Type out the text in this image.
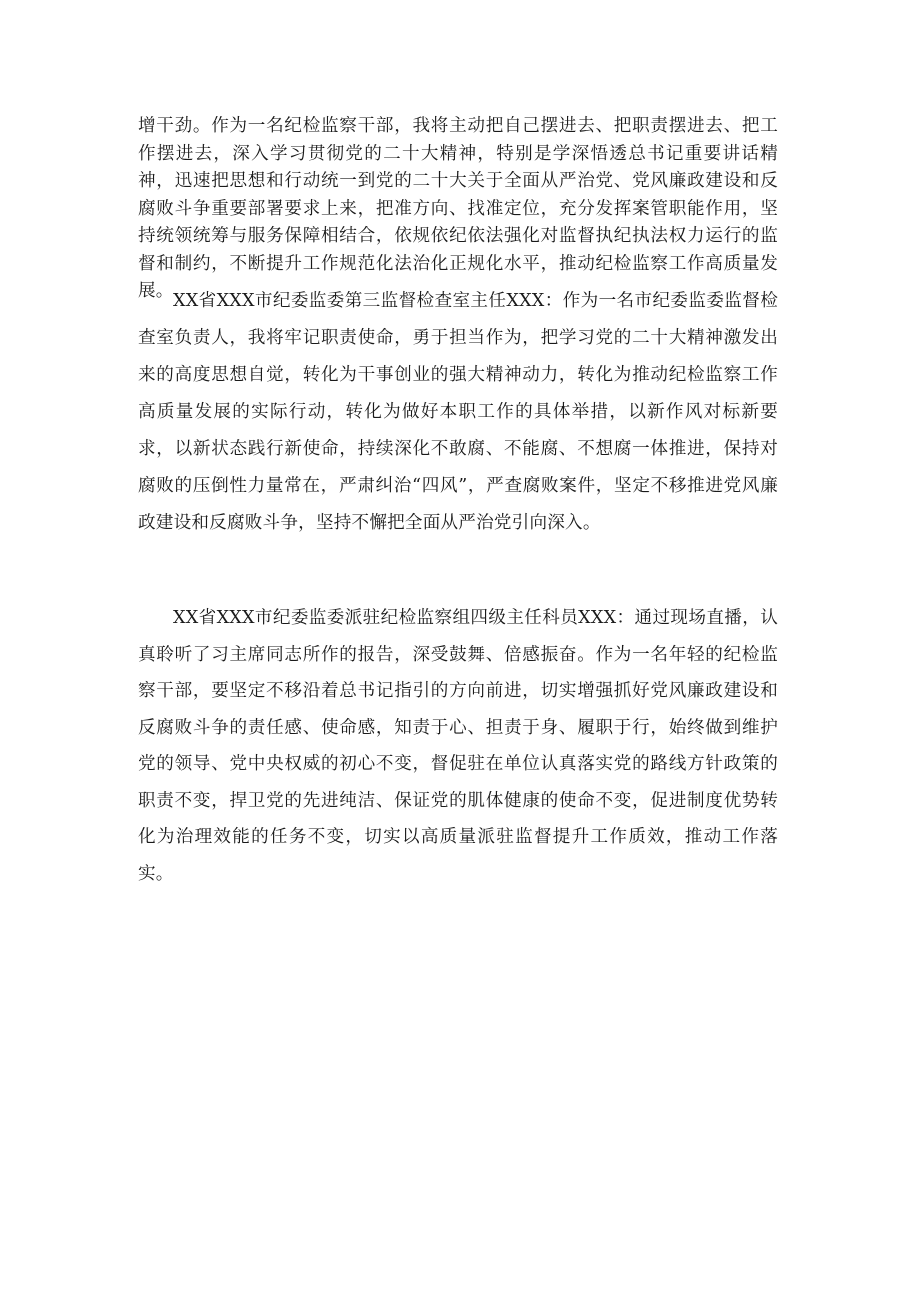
增干劲。作为一名纪检监察干部，我将主动把自己摆进去、把职责摆进去、把工作摆进去，深入学习贯彻党的二十大精神，特别是学深悟透总书记重要讲话精神，迅速把思想和行动统一到党的二十大关于全面从严治党、党风廉政建设和反腐败斗争重要部署要求上来，把准方向、找准定位，充分发挥案管职能作用，坚持统领统筹与服务保障相结合，依规依纪依法强化对监督执纪执法权力运行的监督和制约，不断提升工作规范化法治化正规化水平，推动纪检监察工作高质量发展。 XX省XXX市纪委监委第三监督检查室主任XXX：作为一名市纪委监委监督检查室负责人，我将牢记职责使命，勇于担当作为，把学习党的二十大精神激发出来的高度思想自觉，转化为干事创业的强大精神动力，转化为推动纪检监察工作高质量发展的实际行动，转化为做好本职工作的具体举措，以新作风对标新要求，以新状态践行新使命，持续深化不敢腐、不能腐、不想腐一体推进，保持对腐败的压倒性力量常在，严肃纠治“四风”，严查腐败案件，坚定不移推进党风廉政建设和反腐败斗争，坚持不懈把全面从严治党引向深入。

XX省XXX市纪委监委派驻纪检监察组四级主任科员XXX：通过现场直播，认真聆听了习主席同志所作的报告，深受鼓舞、倍感振奋。作为一名年轻的纪检监察干部，要坚定不移沿着总书记指引的方向前进，切实增强抓好党风廉政建设和反腐败斗争的责任感、使命感，知责于心、担责于身、履职于行，始终做到维护党的领导、党中央权威的初心不变，督促驻在单位认真落实党的路线方针政策的职责不变，捍卫党的先进纯洁、保证党的肌体健康的使命不变，促进制度优势转化为治理效能的任务不变，切实以高质量派驻监督提升工作质效，推动工作落实。
